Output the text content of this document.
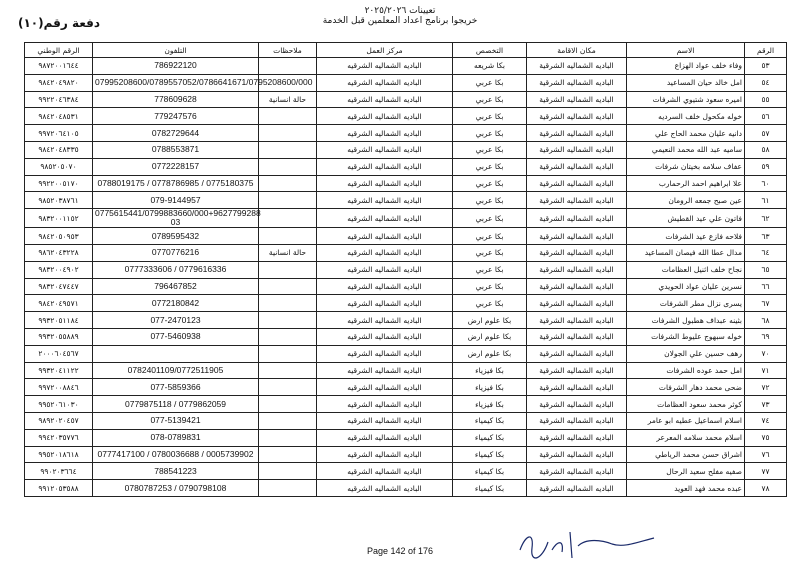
دفعة رقم(١٠)
تعيينات ٢٠٢٥/٢٠٢٦
خريجوا برنامج اعداد المعلمين قبل الخدمة
الرقم	الاسم	مكان الاقامة	التخصص	مركز العمل	ملاحظات	التلفون	الرقم الوطني
٥٣	وفاء خلف عواد الهزاع	الباديه الشماليه الشرقية	بكا شريعه	الباديه الشماليه الشرقيه		786922120	٩٨٧٢٠٠١٦٤٤
٥٤	امل خالد حيان المساعيد	الباديه الشماليه الشرقية	بكا عربي	الباديه الشماليه الشرقيه		07995208600/0789557052/0786641671/0795208600/000	٩٨٤٢٠٤٩٨٢٠
٥٥	اميره سعود شتيوي الشرفات	الباديه الشماليه الشرقية	بكا عربي	الباديه الشماليه الشرقيه	حالة انسانية	778609628	٩٩٢٢٠٤٦٣٨٤
٥٦	خوله مكحول خلف السرديه	الباديه الشماليه الشرقية	بكا عربي	الباديه الشماليه الشرقيه		779247576	٩٨٤٢٠٤٨٥٣١
٥٧	دانيه عليان محمد الحاج علي	الباديه الشماليه الشرقية	بكا عربي	الباديه الشماليه الشرقيه		0782729644	٩٩٧٢٠٦٤١٠٥
٥٨	ساميه عبد الله محمد النعيمي	الباديه الشماليه الشرقية	بكا عربي	الباديه الشماليه الشرقيه		0788553871	٩٨٤٢٠٤٨٣٣٥
٥٩	عفاف سلامه بخيتان شرفات	الباديه الشماليه الشرقية	بكا عربي	الباديه الشماليه الشرقيه		0772228157	٩٨٥٢٠٥٠٧٠
٦٠	علا ابراهيم احمد الرحمارب	الباديه الشماليه الشرقية	بكا عربي	الباديه الشماليه الشرقيه		0788019175 / 0778786985 / 0775180375	٩٩٢٢٠٠٥١٧٠
٦١	عين صبح جمعه الرومان	الباديه الشماليه الشرقية	بكا عربي	الباديه الشماليه الشرقيه		079-9144957	٩٨٥٢٠٣٨٧٦١
٦٢	فاتون علي عيد القطيش	الباديه الشماليه الشرقية	بكا عربي	الباديه الشماليه الشرقيه		0775615441/0799883660/000+9627799288 03	٩٨٣٢٠٠١١٥٢
٦٣	فلاحه فازع عيد الشرفات	الباديه الشماليه الشرقية	بكا عربي	الباديه الشماليه الشرقيه		0789595432	٩٨٤٢٠٥٠٩٥٣
٦٤	مدال عطا الله فيصان المساعيد	الباديه الشماليه الشرقية	بكا عربي	الباديه الشماليه الشرقيه	حالة انسانية	0770776216	٩٨٦٢٠٤٣٢٢٨
٦٥	نجاح خلف اثنيل العظامات	الباديه الشماليه الشرقية	بكا عربي	الباديه الشماليه الشرقيه		0777333606 / 0779616336	٩٨٣٢٠٠٤٩٠٢
٦٦	نسرين عليان عواد الحويدي	الباديه الشماليه الشرقية	بكا عربي	الباديه الشماليه الشرقيه		796467852	٩٨٣٢٠٤٧٤٤٧
٦٧	يسرى نزال مطر الشرفات	الباديه الشماليه الشرقية	بكا عربي	الباديه الشماليه الشرقيه		0772180842	٩٨٤٢٠٤٩٥٧١
٦٨	بثينه عبداف هطبول الشرفات	الباديه الشماليه الشرقية	بكا علوم ارض	الباديه الشماليه الشرقيه		077-2470123	٩٩٣٢٠٥١١٨٤
٦٩	خوله سبهوج عليوط الشرفات	الباديه الشماليه الشرقية	بكا علوم ارض	الباديه الشماليه الشرقيه		077-5460938	٩٩٣٢٠٥٥٨٨٩
٧٠	رهف حسين علي الجولان	الباديه الشماليه الشرقية	بكا علوم ارض	الباديه الشماليه الشرقيه			٢٠٠٠٦٠٤٥٦٧
٧١	امل حمد عوده الشرفات	الباديه الشماليه الشرقية	بكا فيزياء	الباديه الشماليه الشرقيه		0782401109/0772511905	٩٩٣٢٠٤١١٢٢
٧٢	ضحى محمد دهار الشرفات	الباديه الشماليه الشرقية	بكا فيزياء	الباديه الشماليه الشرقيه		077-5859366	٩٩٧٢٠٠٨٨٤٦
٧٣	كوثر محمد سعود العظامات	الباديه الشماليه الشرقية	بكا فيزياء	الباديه الشماليه الشرقيه		0779875118 / 0779862059	٩٩٥٢٠٦١٠٣٠
٧٤	اسلام اسماعيل عطيه ابو عامر	الباديه الشماليه الشرقية	بكا كيمياء	الباديه الشماليه الشرقيه		077-5139421	٩٨٩٢٠٢٠٤٥٧
٧٥	اسلام محمد سلامه المعرعر	الباديه الشماليه الشرقية	بكا كيمياء	الباديه الشماليه الشرقيه		078-0789831	٩٩٤٢٠٣٥٧٧٦
٧٦	اشراق حسن محمد الرياطي	الباديه الشماليه الشرقية	بكا كيمياء	الباديه الشماليه الشرقيه		0777417100 / 0780036688 / 0005739902	٩٩٥٢٠١٨٦١٨
٧٧	صفيه مفلح سعيد الرحال	الباديه الشماليه الشرقية	بكا كيمياء	الباديه الشماليه الشرقيه		788541223	٩٩٠٢٠٣٦٦٤
٧٨	عبده محمد فهد العويد	الباديه الشماليه الشرقية	بكا كيمياء	الباديه الشماليه الشرقيه		0780787253 / 0790798108	٩٩١٢٠٥٣٥٨٨
Page 142 of 176
